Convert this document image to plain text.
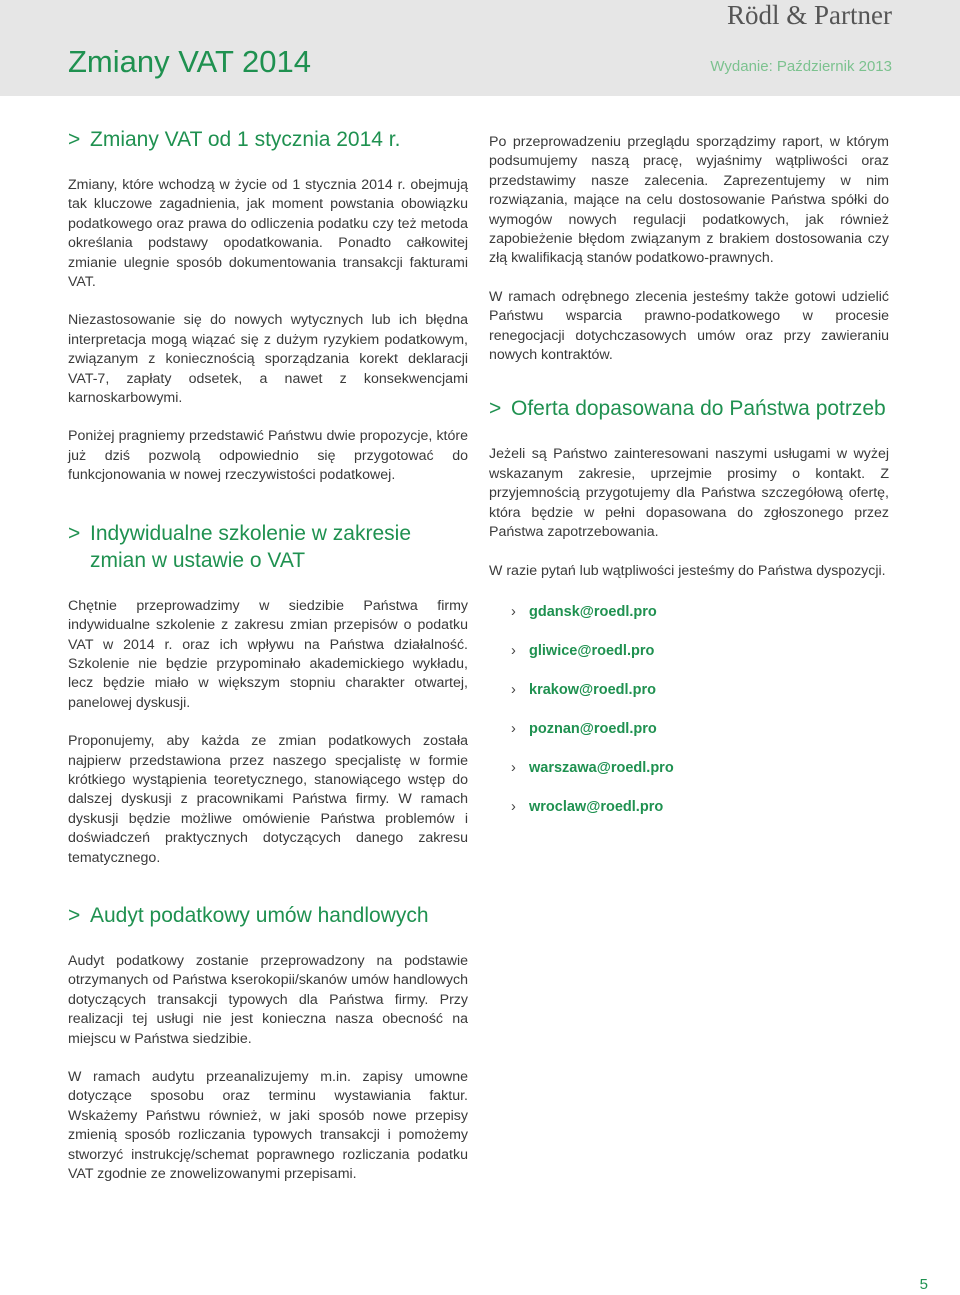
Rödl & Partner
Zmiany VAT 2014	Wydanie: Październik 2013
> Zmiany VAT od 1 stycznia 2014 r.

Zmiany, które wchodzą w życie od 1 stycznia 2014 r. obejmują tak kluczowe zagadnienia, jak moment powstania obowiązku podatkowego oraz prawa do odliczenia podatku czy też metoda określania podstawy opodatkowania. Ponadto całkowitej zmianie ulegnie sposób dokumentowania transakcji fakturami VAT.

Niezastosowanie się do nowych wytycznych lub ich błędna interpretacja mogą wiązać się z dużym ryzykiem podatkowym, związanym z koniecznością sporządzania korekt deklaracji VAT-7, zapłaty odsetek, a nawet z konsekwencjami karnoskarbowymi.

Poniżej pragniemy przedstawić Państwu dwie propozycje, które już dziś pozwolą odpowiednio się przygotować do funkcjonowania w nowej rzeczywistości podatkowej.

> Indywidualne szkolenie w zakresie
zmian w ustawie o VAT

Chętnie przeprowadzimy w siedzibie Państwa firmy indywidualne szkolenie z zakresu zmian przepisów o podatku VAT w 2014 r. oraz ich wpływu na Państwa działalność. Szkolenie nie będzie przypominało akademickiego wykładu, lecz będzie miało w większym stopniu charakter otwartej, panelowej dyskusji.

Proponujemy, aby każda ze zmian podatkowych została najpierw przedstawiona przez naszego specjalistę w formie krótkiego wystąpienia teoretycznego, stanowiącego wstęp do dalszej dyskusji z pracownikami Państwa firmy. W ramach dyskusji będzie możliwe omówienie Państwa problemów i doświadczeń praktycznych dotyczących danego zakresu tematycznego.

Po przeprowadzeniu przeglądu sporządzimy raport, w którym podsumujemy naszą pracę, wyjaśnimy wątpliwości oraz przedstawimy nasze zalecenia. Zaprezentujemy w nim rozwiązania, mające na celu dostosowanie Państwa spółki do wymogów nowych regulacji podatkowych, jak również zapobieżenie błędom związanym z brakiem dostosowania czy złą kwalifikacją stanów podatkowo-prawnych.

W ramach odrębnego zlecenia jesteśmy także gotowi udzielić Państwu wsparcia prawno-podatkowego w procesie renegocjacji dotychczasowych umów oraz przy zawieraniu nowych kontraktów.

> Oferta dopasowana do Państwa potrzeb

Jeżeli są Państwo zainteresowani naszymi usługami w wyżej wskazanym zakresie, uprzejmie prosimy o kontakt. Z przyjemnością przygotujemy dla Państwa szczegółową ofertę, która będzie w pełni dopasowana do zgłoszonego przez Państwa zapotrzebowania.

W razie pytań lub wątpliwości jesteśmy do Państwa dyspozycji.

› gdansk@roedl.pro
› gliwice@roedl.pro
› krakow@roedl.pro
› poznan@roedl.pro
› warszawa@roedl.pro
› wroclaw@roedl.pro
> Audyt podatkowy umów handlowych

Audyt podatkowy zostanie przeprowadzony na podstawie otrzymanych od Państwa kserokopii/skanów umów handlowych dotyczących transakcji typowych dla Państwa firmy. Przy realizacji tej usługi nie jest konieczna nasza obecność na miejscu w Państwa siedzibie.

W ramach audytu przeanalizujemy m.in. zapisy umowne dotyczące sposobu oraz terminu wystawiania faktur. Wskażemy Państwu również, w jaki sposób nowe przepisy zmienią sposób rozliczania typowych transakcji i pomożemy stworzyć instrukcję/schemat poprawnego rozliczania podatku VAT zgodnie ze znowelizowanymi przepisami.

5
